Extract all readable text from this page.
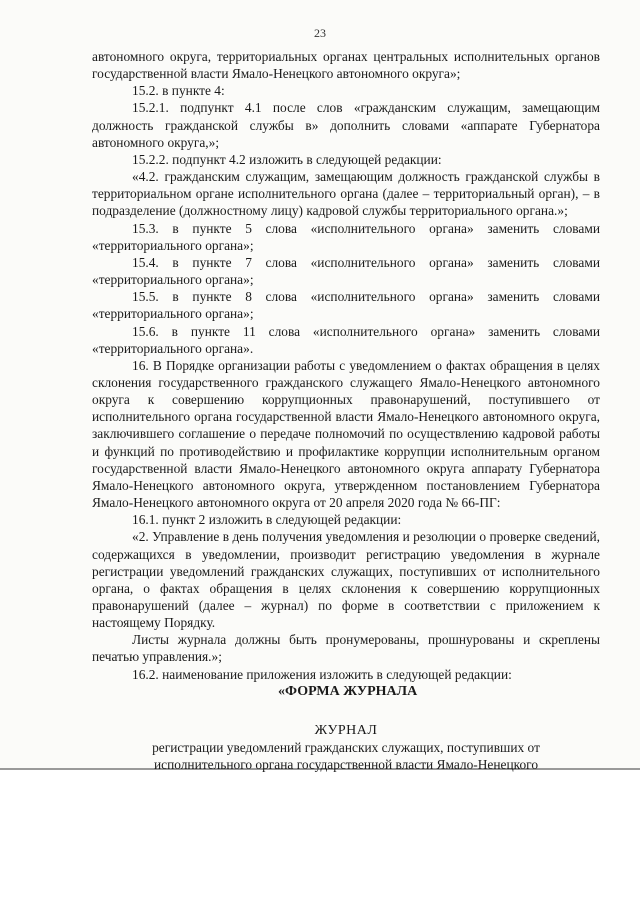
23

автономного округа, территориальных органах центральных исполнительных органов государственной власти Ямало-Ненецкого автономного округа»;

15.2. в пункте 4:

15.2.1. подпункт 4.1 после слов «гражданским служащим, замещающим должность гражданской службы в» дополнить словами «аппарате Губернатора автономного округа,»;

15.2.2. подпункт 4.2 изложить в следующей редакции:

«4.2. гражданским служащим, замещающим должность гражданской службы в территориальном органе исполнительного органа (далее – территориальный орган), – в подразделение (должностному лицу) кадровой службы территориального органа.»;

15.3. в пункте 5 слова «исполнительного органа» заменить словами «территориального органа»;

15.4. в пункте 7 слова «исполнительного органа» заменить словами «территориального органа»;

15.5. в пункте 8 слова «исполнительного органа» заменить словами «территориального органа»;

15.6. в пункте 11 слова «исполнительного органа» заменить словами «территориального органа».

16. В Порядке организации работы с уведомлением о фактах обращения в целях склонения государственного гражданского служащего Ямало-Ненецкого автономного округа к совершению коррупционных правонарушений, поступившего от исполнительного органа государственной власти Ямало-Ненецкого автономного округа, заключившего соглашение о передаче полномочий по осуществлению кадровой работы и функций по противодействию и профилактике коррупции исполнительным органом государственной власти Ямало-Ненецкого автономного округа аппарату Губернатора Ямало-Ненецкого автономного округа, утвержденном постановлением Губернатора Ямало-Ненецкого автономного округа от 20 апреля 2020 года № 66-ПГ:

16.1. пункт 2 изложить в следующей редакции:

«2. Управление в день получения уведомления и резолюции о проверке сведений, содержащихся в уведомлении, производит регистрацию уведомления в журнале регистрации уведомлений гражданских служащих, поступивших от исполнительного органа, о фактах обращения в целях склонения к совершению коррупционных правонарушений (далее – журнал) по форме в соответствии с приложением к настоящему Порядку.

Листы журнала должны быть пронумерованы, прошнурованы и скреплены печатью управления.»;

16.2. наименование приложения изложить в следующей редакции:

«ФОРМА ЖУРНАЛА

ЖУРНАЛ

регистрации уведомлений гражданских служащих, поступивших от

исполнительного органа государственной власти Ямало-Ненецкого
